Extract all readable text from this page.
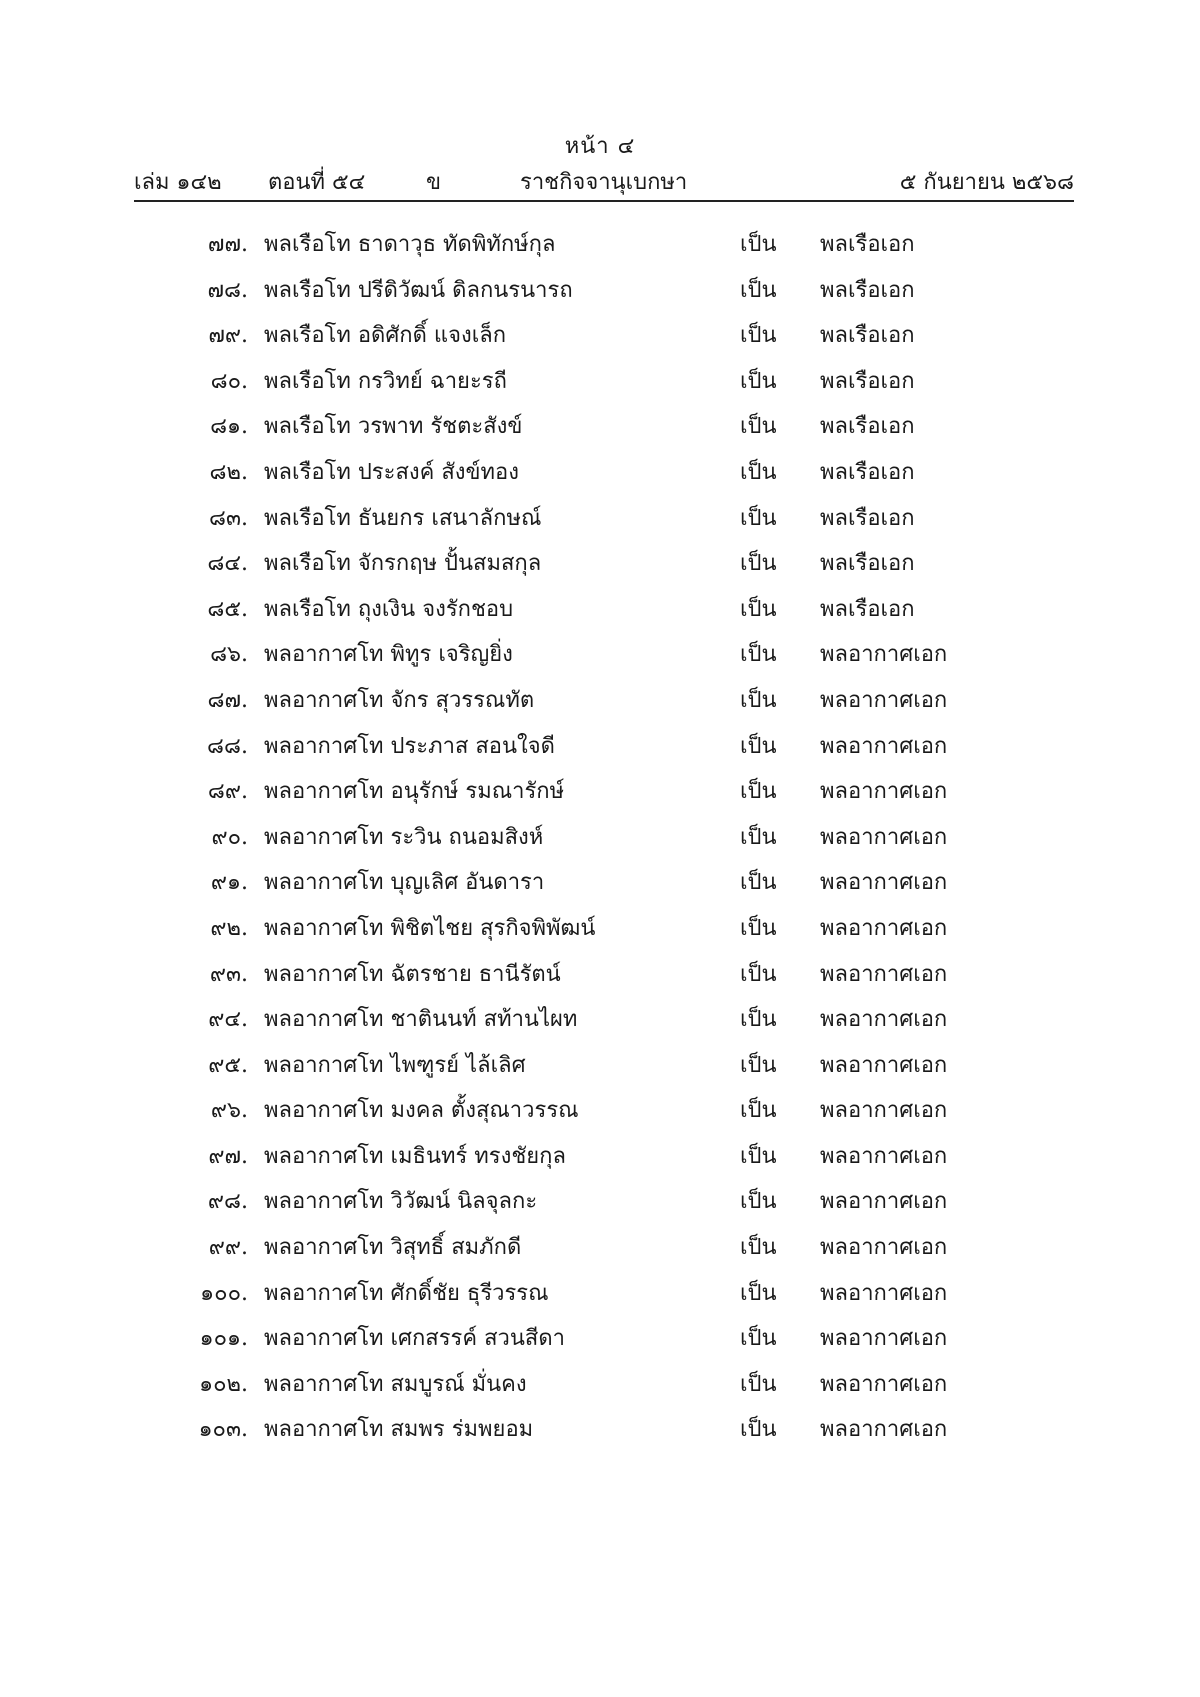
หน้า ๔
เล่ม ๑๔๒ ตอนที่ ๕๔	ข	ราชกิจจานุเบกษา	๕ กันยายน ๒๕๖๘
๗๗. พลเรือโท ธาดาวุธ ทัดพิทักษ์กุล	เป็น พลเรือเอก
๗๘. พลเรือโท ปรีดิวัฒน์ ดิลกนรนารถ	เป็น พลเรือเอก
๗๙. พลเรือโท อดิศักดิ์ แจงเล็ก	เป็น พลเรือเอก
๘๐. พลเรือโท กรวิทย์ ฉายะรถี	เป็น พลเรือเอก
๘๑. พลเรือโท วรพาท รัชตะสังข์	เป็น พลเรือเอก
๘๒. พลเรือโท ประสงค์ สังข์ทอง	เป็น พลเรือเอก
๘๓. พลเรือโท ธันยกร เสนาลักษณ์	เป็น พลเรือเอก
๘๔. พลเรือโท จักรกฤษ ปั้นสมสกุล	เป็น พลเรือเอก
๘๕. พลเรือโท ถุงเงิน จงรักชอบ	เป็น พลเรือเอก
๘๖. พลอากาศโท พิทูร เจริญยิ่ง	เป็น พลอากาศเอก
๘๗. พลอากาศโท จักร สุวรรณทัต	เป็น พลอากาศเอก
๘๘. พลอากาศโท ประภาส สอนใจดี	เป็น พลอากาศเอก
๘๙. พลอากาศโท อนุรักษ์ รมณารักษ์	เป็น พลอากาศเอก
๙๐. พลอากาศโท ระวิน ถนอมสิงห์	เป็น พลอากาศเอก
๙๑. พลอากาศโท บุญเลิศ อันดารา	เป็น พลอากาศเอก
๙๒. พลอากาศโท พิชิตไชย สุรกิจพิพัฒน์	เป็น พลอากาศเอก
๙๓. พลอากาศโท ฉัตรชาย ธานีรัตน์	เป็น พลอากาศเอก
๙๔. พลอากาศโท ชาตินนท์ สท้านไผท	เป็น พลอากาศเอก
๙๕. พลอากาศโท ไพฑูรย์ ไล้เลิศ	เป็น พลอากาศเอก
๙๖. พลอากาศโท มงคล ตั้งสุณาวรรณ	เป็น พลอากาศเอก
๙๗. พลอากาศโท เมธินทร์ ทรงชัยกุล	เป็น พลอากาศเอก
๙๘. พลอากาศโท วิวัฒน์ นิลจุลกะ	เป็น พลอากาศเอก
๙๙. พลอากาศโท วิสุทธิ์ สมภักดี	เป็น พลอากาศเอก
๑๐๐. พลอากาศโท ศักดิ์ชัย ธุรีวรรณ	เป็น พลอากาศเอก
๑๐๑. พลอากาศโท เศกสรรค์ สวนสีดา	เป็น พลอากาศเอก
๑๐๒. พลอากาศโท สมบูรณ์ มั่นคง	เป็น พลอากาศเอก
๑๐๓. พลอากาศโท สมพร ร่มพยอม	เป็น พลอากาศเอก
